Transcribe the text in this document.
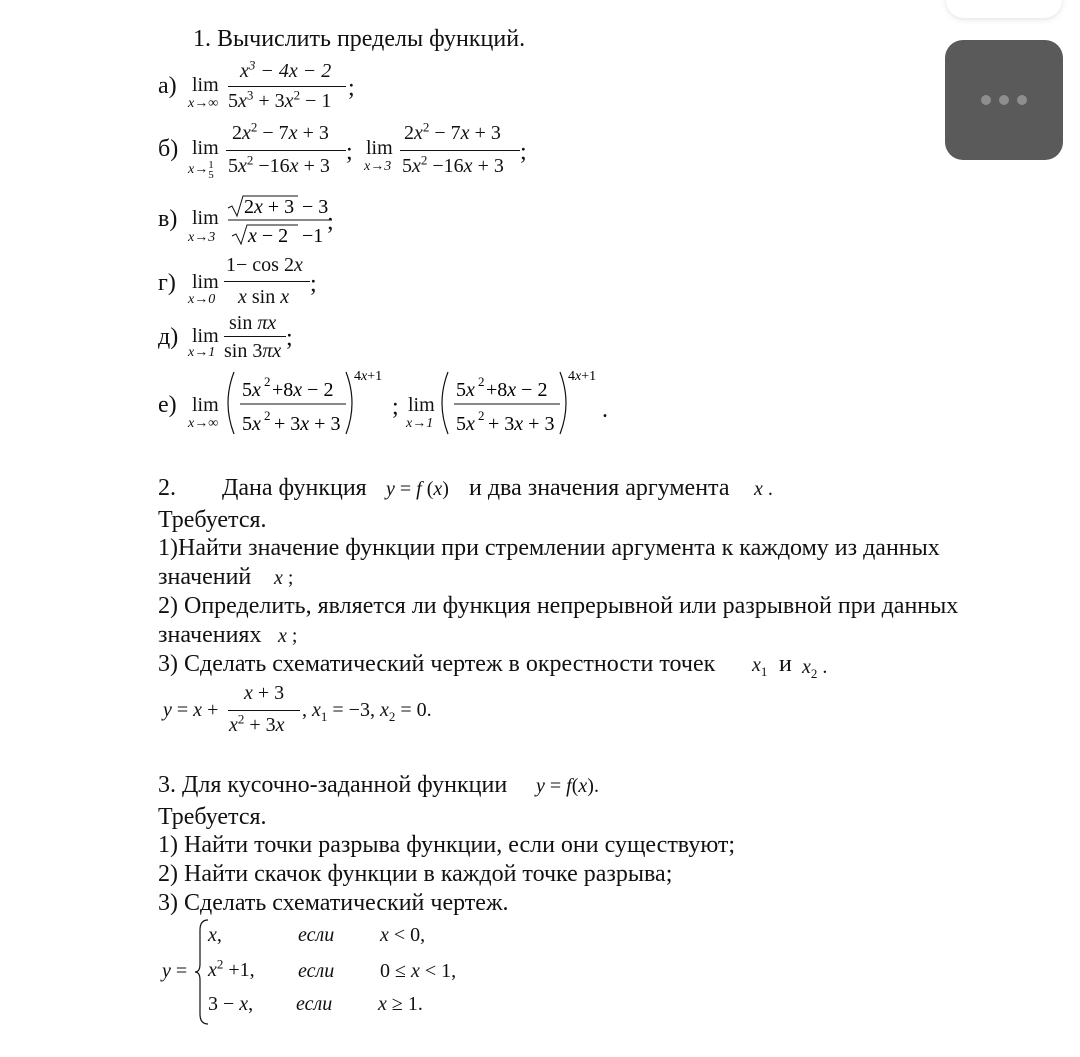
1. Вычислить пределы функций.
а) lim
x→∞
$x^3 - 4x - 2$
$5x^3 + 3x^2 - 1$ ;
б) lim
x→1
5
$2x^2 - 7x + 3$
$5x^2 -16x + 3$
; lim
x→3
$2x^2 - 7x + 3$
$5x^2 -16x + 3$
;
в) lim
x→3
2x + 3 − 3
x − 2 −1
;
г) lim
x→0
1− cos 2x
x sin x ;
д) lim
x→1
sin πx
sin 3πx ;
е) lim
x→∞
5x 2 +8x − 2
5x 2 + 3x + 3
4x+1
; lim
x→1
5x 2 +8x − 2
5x 2 + 3x + 3
4x+1
.
2. Дана функция y = f (x) и два значения аргумента x .
Требуется.
1)Найти значение функции при стремлении аргумента к каждому из данных
значений x ;
2) Определить, является ли функция непрерывной или разрывной при данных
значениях x ;
3) Сделать схематический чертеж в окрестности точек $x_1$ и $x_2$ .
y = x +
x + 3
$x^2 + 3x$
, $x_1 = -3$, $x_2 = 0$.
3. Для кусочно-заданной функции y = f(x).
Требуется.
1) Найти точки разрыва функции, если они существуют;
2) Найти скачок функции в каждой точке разрыва;
3) Сделать схематический чертеж.
y =
x,	если x < 0,
$x^2 +1$, если 0 ≤ x < 1,
3 − x, если x ≥ 1.
